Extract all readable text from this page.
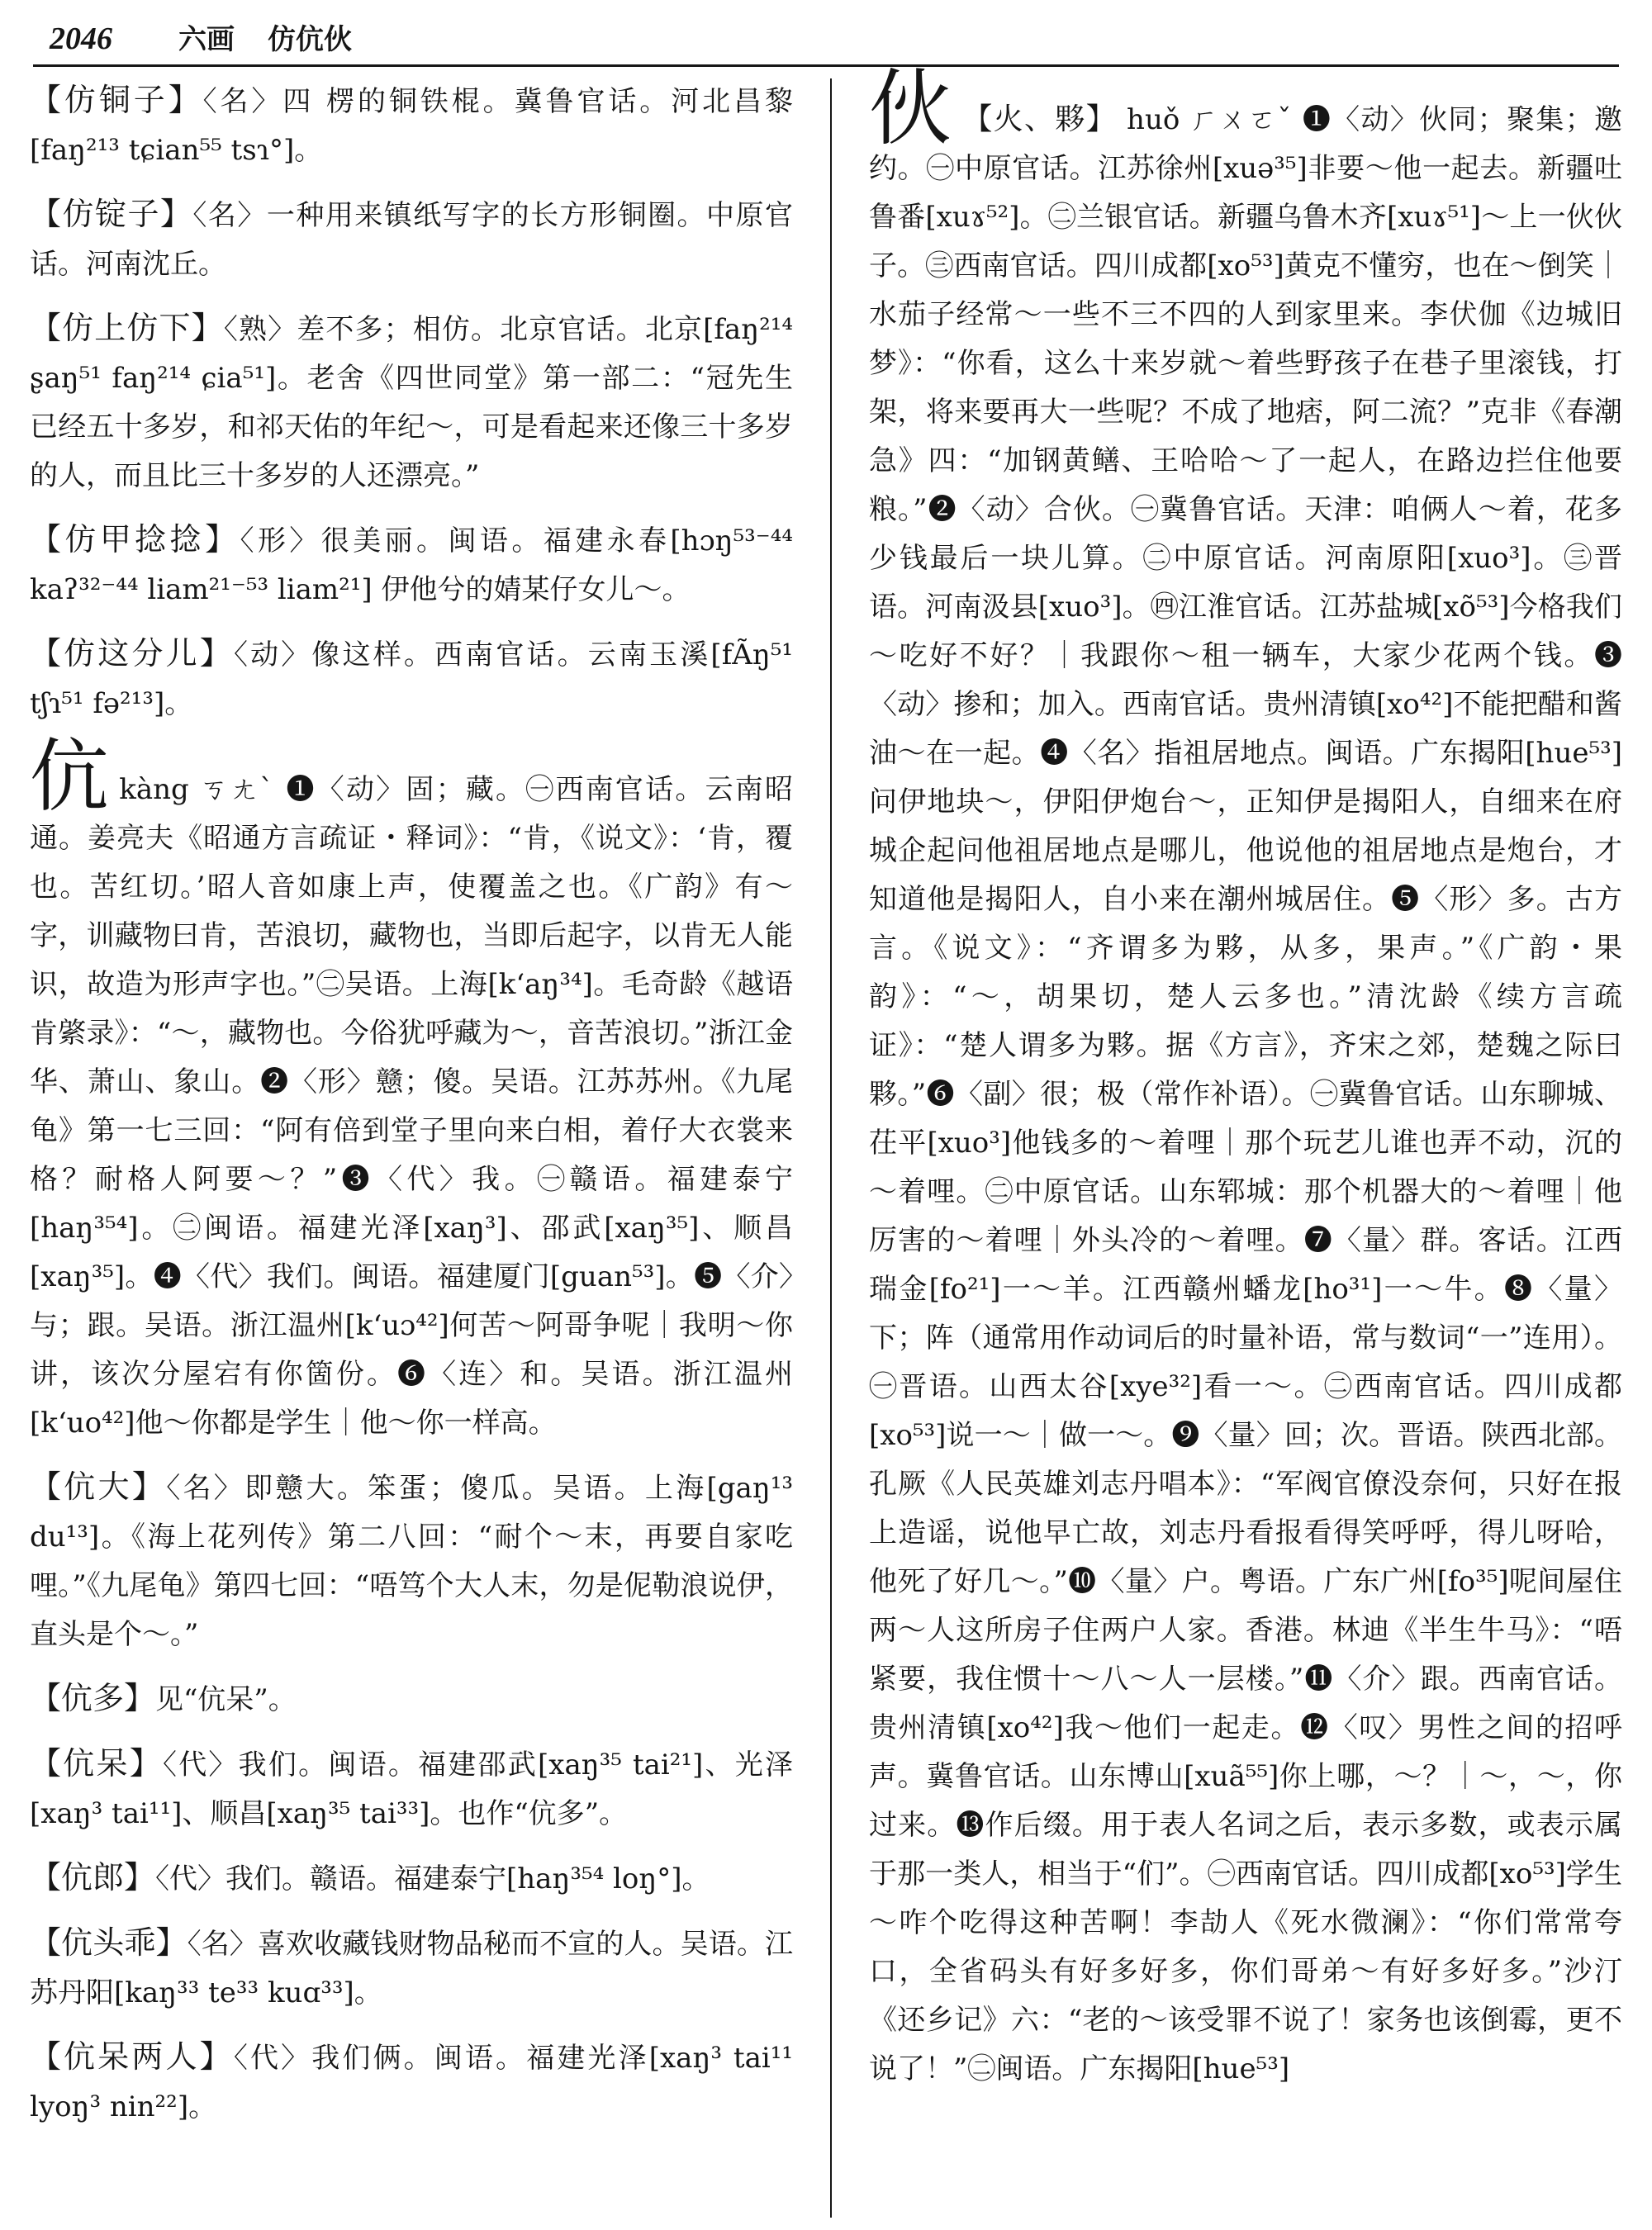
2046 六画 仿伉伙

【仿铜子】〈名〉四 楞的铜铁棍。冀鲁官话。河北昌黎[faŋ²¹³ tɕian⁵⁵ tsɿ°]。

【仿锭子】〈名〉一种用来镇纸写字的长方形铜圈。中原官话。河南沈丘。

【仿上仿下】〈熟〉差不多；相仿。北京官话。北京[faŋ²¹⁴ ʂaŋ⁵¹ faŋ²¹⁴ ɕia⁵¹]。老舍《四世同堂》第一部二：“冠先生已经五十多岁，和祁天佑的年纪～，可是看起来还像三十多岁的人，而且比三十多岁的人还漂亮。”

【仿甲捻捻】〈形〉很美丽。闽语。福建永春[hɔŋ⁵³⁻⁴⁴ kaʔ³²⁻⁴⁴ liam²¹⁻⁵³ liam²¹] 伊他兮的婧某仔女儿～。

【仿这分儿】〈动〉像这样。西南官话。云南玉溪[fÃŋ⁵¹ tʃɿ⁵¹ fə²¹³]。

伉kàng ㄎㄤˋ ❶〈动〉固；藏。㊀西南官话。云南昭通。姜亮夫《昭通方言疏证・释词》：“肯，《说文》：‘肯，覆也。苦红切。’昭人音如康上声，使覆盖之也。《广韵》有～字，训藏物曰肯，苦浪切，藏物也，当即后起字，以肯无人能识，故造为形声字也。”㊁吴语。上海[k‘aŋ³⁴]。毛奇龄《越语肯綮录》：“～，藏物也。今俗犹呼藏为～，音苦浪切。”浙江金华、萧山、象山。❷〈形〉戆；傻。吴语。江苏苏州。《九尾龟》第一七三回：“阿有倍到堂子里向来白相，着仔大衣裳来格？耐格人阿要～？”❸〈代〉我。㊀赣语。福建泰宁[haŋ³⁵⁴]。㊁闽语。福建光泽[xaŋ³]、邵武[xaŋ³⁵]、顺昌[xaŋ³⁵]。❹〈代〉我们。闽语。福建厦门[guan⁵³]。❺〈介〉与；跟。吴语。浙江温州[k‘uɔ⁴²]何苦～阿哥争呢｜我明～你讲，该次分屋宕有你箇份。❻〈连〉和。吴语。浙江温州[k‘uo⁴²]他～你都是学生｜他～你一样高。

【伉大】〈名〉即戆大。笨蛋；傻瓜。吴语。上海[gaŋ¹³ du¹³]。《海上花列传》第二八回：“耐个～末，再要自家吃哩。”《九尾龟》第四七回：“唔笃个大人末，勿是伲勒浪说伊，直头是个～。”

【伉多】见“伉呆”。

【伉呆】〈代〉我们。闽语。福建邵武[xaŋ³⁵ tai²¹]、光泽[xaŋ³ tai¹¹]、顺昌[xaŋ³⁵ tai³³]。也作“伉多”。

【伉郎】〈代〉我们。赣语。福建泰宁[haŋ³⁵⁴ loŋ°]。

【伉头乖】〈名〉喜欢收藏钱财物品秘而不宣的人。吴语。江苏丹阳[kaŋ³³ te³³ kuɑ³³]。

【伉呆两人】〈代〉我们俩。闽语。福建光泽[xaŋ³ tai¹¹ lyoŋ³ nin²²]。

伙 【火、夥】 huǒ ㄏㄨㄛˇ ❶〈动〉伙同；聚集；邀约。㊀中原官话。江苏徐州[xuə³⁵]非要～他一起去。新疆吐鲁番[xuɤ⁵²]。㊁兰银官话。新疆乌鲁木齐[xuɤ⁵¹]～上一伙伙子。㊂西南官话。四川成都[xo⁵³]黄克不懂穷，也在～倒笑｜水茄子经常～一些不三不四的人到家里来。李伏伽《边城旧梦》：“你看，这么十来岁就～着些野孩子在巷子里滚钱，打架，将来要再大一些呢？不成了地痞，阿二流？”克非《春潮急》四：“加钢黄鳝、王哈哈～了一起人，在路边拦住他要粮。”❷〈动〉合伙。㊀冀鲁官话。天津：咱俩人～着，花多少钱最后一块儿算。㊁中原官话。河南原阳[xuo³]。㊂晋语。河南汲县[xuo³]。㊃江淮官话。江苏盐城[xõ⁵³]今格我们～吃好不好？｜我跟你～租一辆车，大家少花两个钱。❸〈动〉掺和；加入。西南官话。贵州清镇[xo⁴²]不能把醋和酱油～在一起。❹〈名〉指祖居地点。闽语。广东揭阳[hue⁵³]问伊地块～，伊阳伊炮台～，正知伊是揭阳人，自细来在府城企起问他祖居地点是哪儿，他说他的祖居地点是炮台，才知道他是揭阳人，自小来在潮州城居住。❺〈形〉多。古方言。《说文》：“齐谓多为夥，从多，果声。”《广韵・果韵》：“～，胡果切，楚人云多也。”清沈龄《续方言疏证》：“楚人谓多为夥。据《方言》，齐宋之郊，楚魏之际曰夥。”❻〈副〉很；极（常作补语）。㊀冀鲁官话。山东聊城、茌平[xuo³]他钱多的～着哩｜那个玩艺儿谁也弄不动，沉的～着哩。㊁中原官话。山东郓城：那个机器大的～着哩｜他厉害的～着哩｜外头冷的～着哩。❼〈量〉群。客话。江西瑞金[fo²¹]一～羊。江西赣州蟠龙[ho³¹]一～牛。❽〈量〉下；阵（通常用作动词后的时量补语，常与数词“一”连用）。㊀晋语。山西太谷[xye³²]看一～。㊁西南官话。四川成都[xo⁵³]说一～｜做一～。❾〈量〉回；次。晋语。陕西北部。孔厥《人民英雄刘志丹唱本》：“军阀官僚没奈何，只好在报上造谣，说他早亡故，刘志丹看报看得笑呼呼，得儿呀哈，他死了好几～。”❿〈量〉户。粤语。广东广州[fo³⁵]呢间屋住两～人这所房子住两户人家。香港。林迪《半生牛马》：“唔紧要，我住惯十～八～人一层楼。”⓫〈介〉跟。西南官话。贵州清镇[xo⁴²]我～他们一起走。⓬〈叹〉男性之间的招呼声。冀鲁官话。山东博山[xuã⁵⁵]你上哪，～？｜～，～，你过来。⓭作后缀。用于表人名词之后，表示多数，或表示属于那一类人，相当于“们”。㊀西南官话。四川成都[xo⁵³]学生～咋个吃得这种苦啊！李劼人《死水微澜》：“你们常常夸口，全省码头有好多好多，你们哥弟～有好多好多。”沙汀《还乡记》六：“老的～该受罪不说了！家务也该倒霉，更不说了！”㊁闽语。广东揭阳[hue⁵³]
